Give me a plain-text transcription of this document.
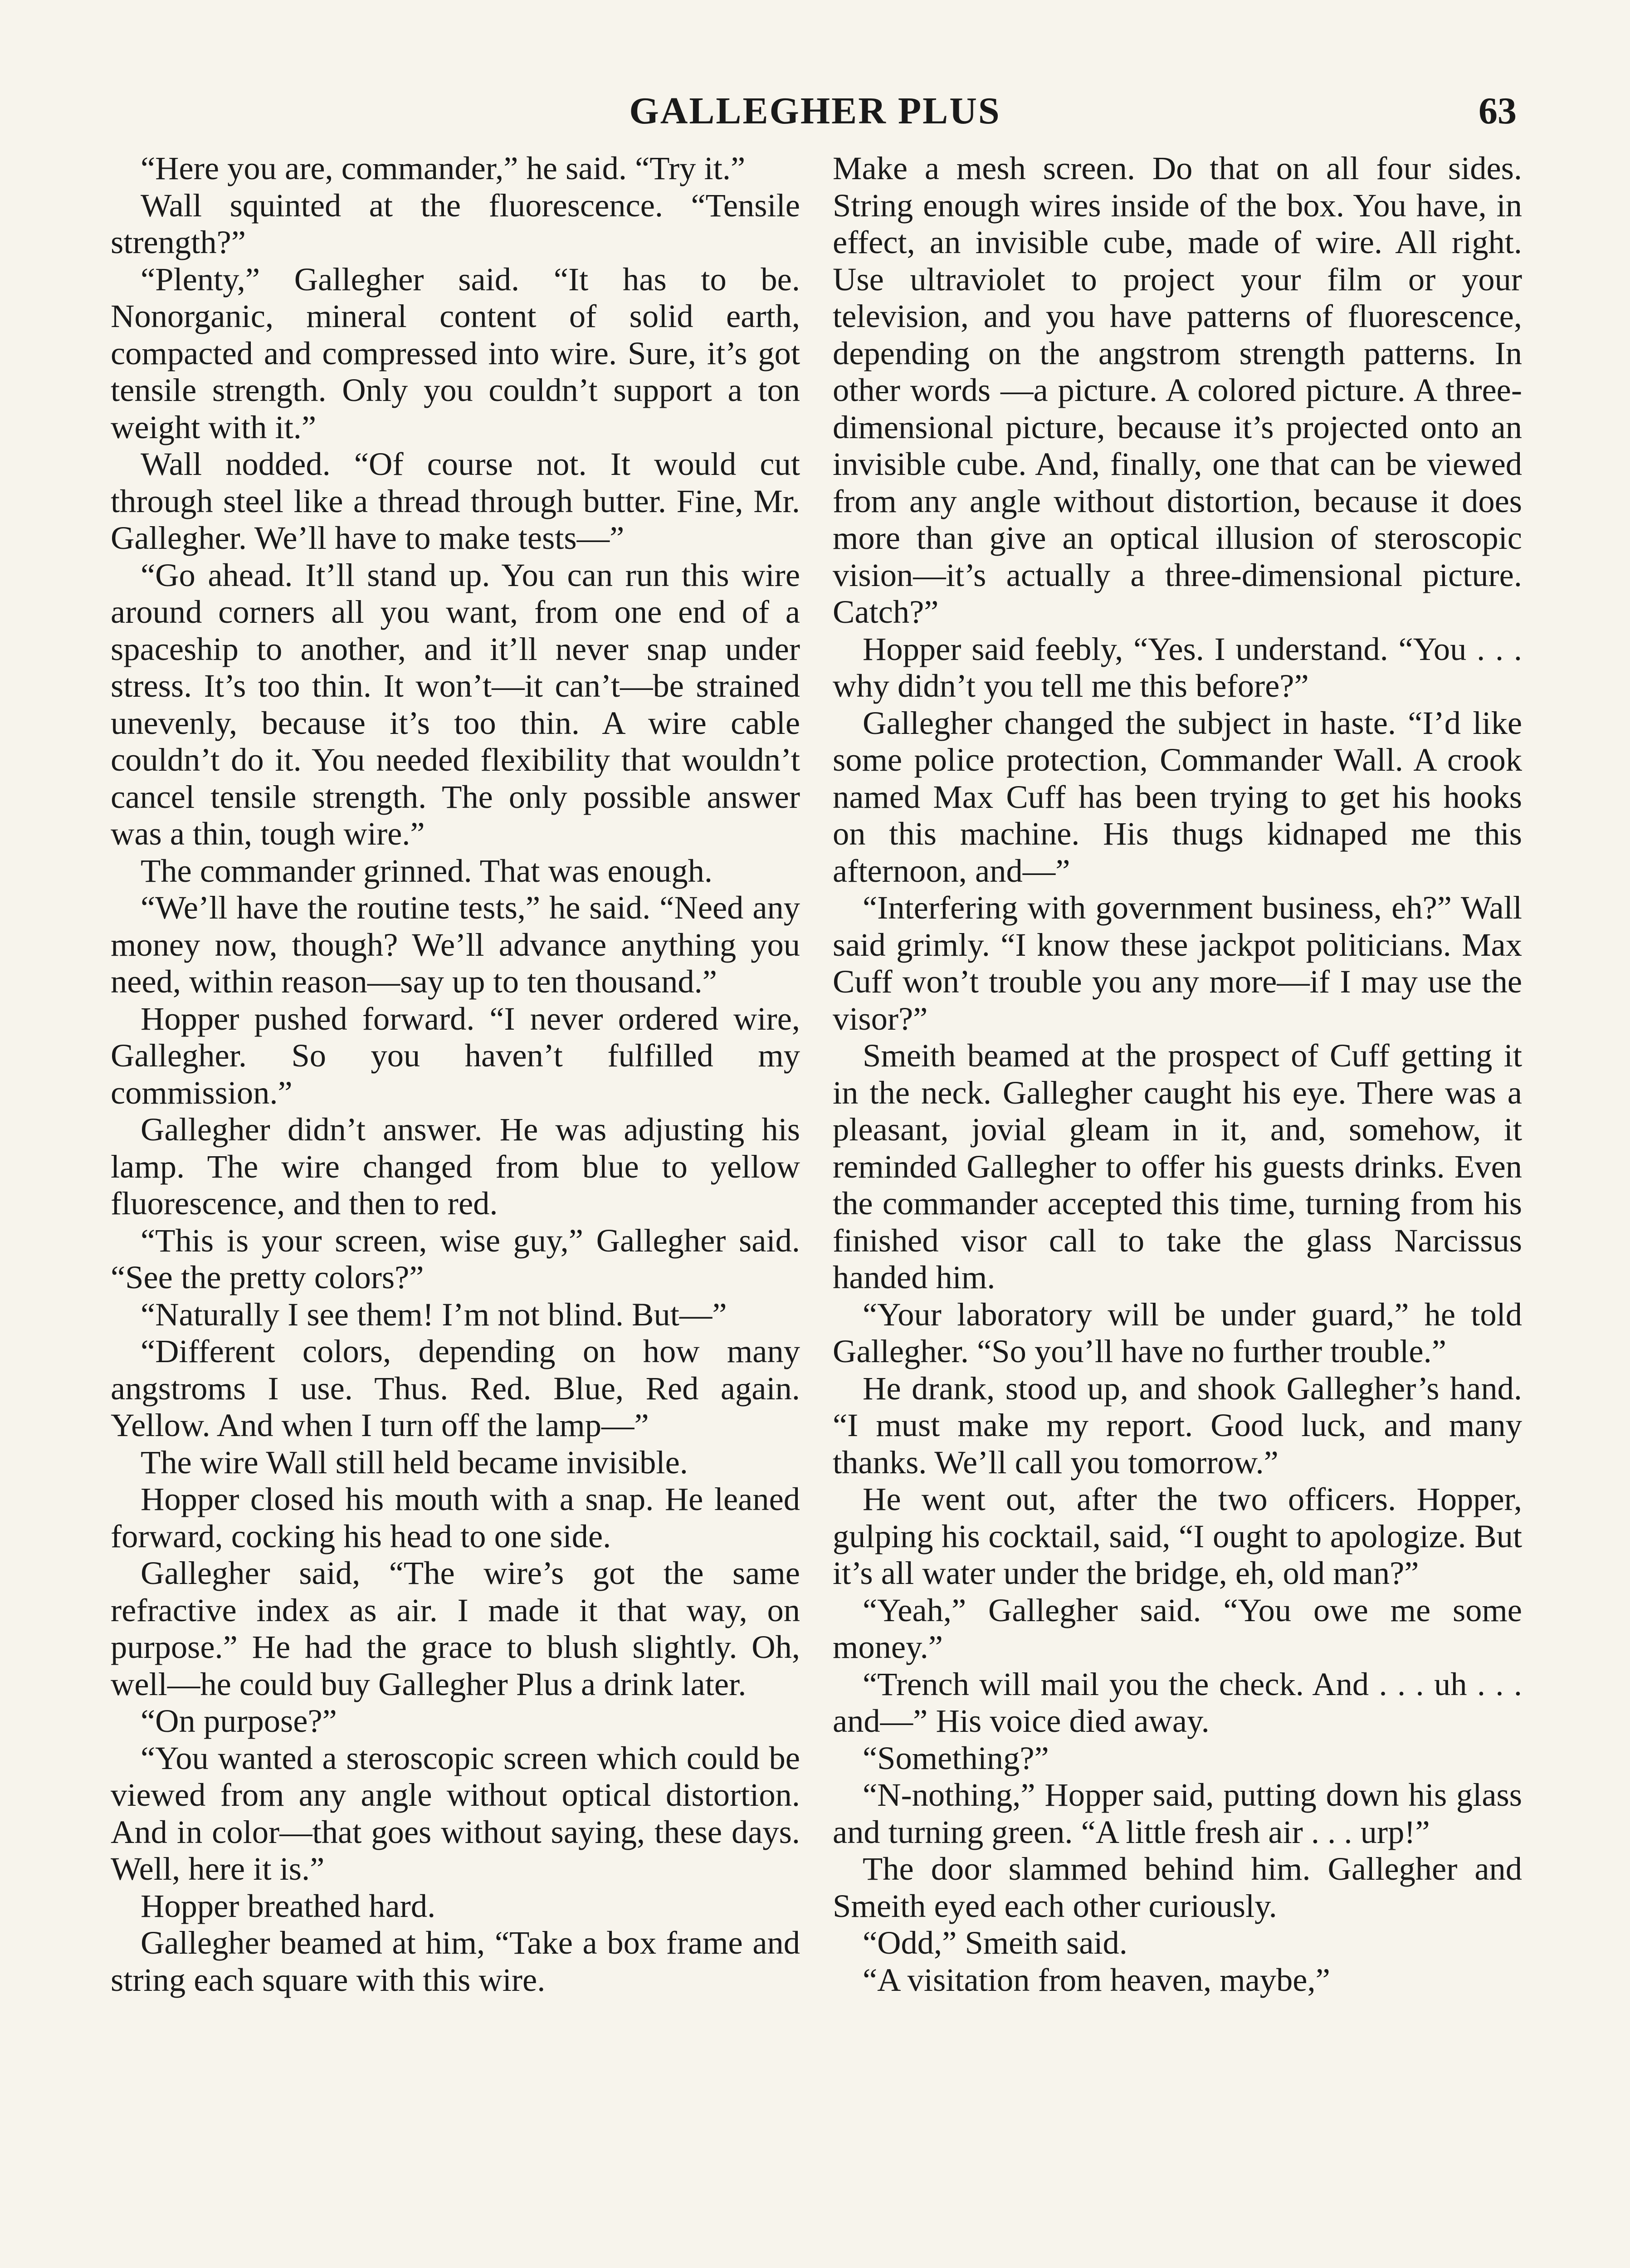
GALLEGHER PLUS	63

“Here you are, commander,” he said. “Try it.”

Wall squinted at the fluorescence. “Tensile strength?”

“Plenty,” Gallegher said. “It has to be. Nonorganic, mineral content of solid earth, compacted and compressed into wire. Sure, it’s got tensile strength. Only you couldn’t support a ton weight with it.”

Wall nodded. “Of course not. It would cut through steel like a thread through butter. Fine, Mr. Gallegher. We’ll have to make tests—”

“Go ahead. It’ll stand up. You can run this wire around corners all you want, from one end of a spaceship to another, and it’ll never snap under stress. It’s too thin. It won’t—it can’t—be strained unevenly, because it’s too thin. A wire cable couldn’t do it. You needed flexibility that wouldn’t cancel tensile strength. The only possible answer was a thin, tough wire.”

The commander grinned. That was enough.

“We’ll have the routine tests,” he said. “Need any money now, though? We’ll advance anything you need, within reason—say up to ten thousand.”

Hopper pushed forward. “I never ordered wire, Gallegher. So you haven’t fulfilled my commission.”

Gallegher didn’t answer. He was adjusting his lamp. The wire changed from blue to yellow fluorescence, and then to red.

“This is your screen, wise guy,” Gallegher said. “See the pretty colors?”

“Naturally I see them! I’m not blind. But—”

“Different colors, depending on how many angstroms I use. Thus. Red. Blue, Red again. Yellow. And when I turn off the lamp—”

The wire Wall still held became invisible.

Hopper closed his mouth with a snap. He leaned forward, cocking his head to one side.

Gallegher said, “The wire’s got the same refractive index as air. I made it that way, on purpose.” He had the grace to blush slightly. Oh, well—he could buy Gallegher Plus a drink later.

“On purpose?”

“You wanted a steroscopic screen which could be viewed from any angle without optical distortion. And in color—that goes without saying, these days. Well, here it is.”

Hopper breathed hard.

Gallegher beamed at him, “Take a box frame and string each square with this wire.

Make a mesh screen. Do that on all four sides. String enough wires inside of the box. You have, in effect, an invisible cube, made of wire. All right. Use ultraviolet to project your film or your television, and you have patterns of fluorescence, depending on the angstrom strength patterns. In other words —a picture. A colored picture. A three-dimensional picture, because it’s projected onto an invisible cube. And, finally, one that can be viewed from any angle without distortion, because it does more than give an optical illusion of steroscopic vision—it’s actually a three-dimensional picture. Catch?”

Hopper said feebly, “Yes. I understand. “You . . . why didn’t you tell me this before?”

Gallegher changed the subject in haste. “I’d like some police protection, Commander Wall. A crook named Max Cuff has been trying to get his hooks on this machine. His thugs kidnaped me this afternoon, and—”

“Interfering with government business, eh?” Wall said grimly. “I know these jackpot politicians. Max Cuff won’t trouble you any more—if I may use the visor?”

Smeith beamed at the prospect of Cuff getting it in the neck. Gallegher caught his eye. There was a pleasant, jovial gleam in it, and, somehow, it reminded Gallegher to offer his guests drinks. Even the commander accepted this time, turning from his finished visor call to take the glass Narcissus handed him.

“Your laboratory will be under guard,” he told Gallegher. “So you’ll have no further trouble.”

He drank, stood up, and shook Gallegher’s hand. “I must make my report. Good luck, and many thanks. We’ll call you tomorrow.”

He went out, after the two officers. Hopper, gulping his cocktail, said, “I ought to apologize. But it’s all water under the bridge, eh, old man?”

“Yeah,” Gallegher said. “You owe me some money.”

“Trench will mail you the check. And . . . uh . . . and—” His voice died away.

“Something?”

“N-nothing,” Hopper said, putting down his glass and turning green. “A little fresh air . . . urp!”

The door slammed behind him. Gallegher and Smeith eyed each other curiously.

“Odd,” Smeith said.

“A visitation from heaven, maybe,”
